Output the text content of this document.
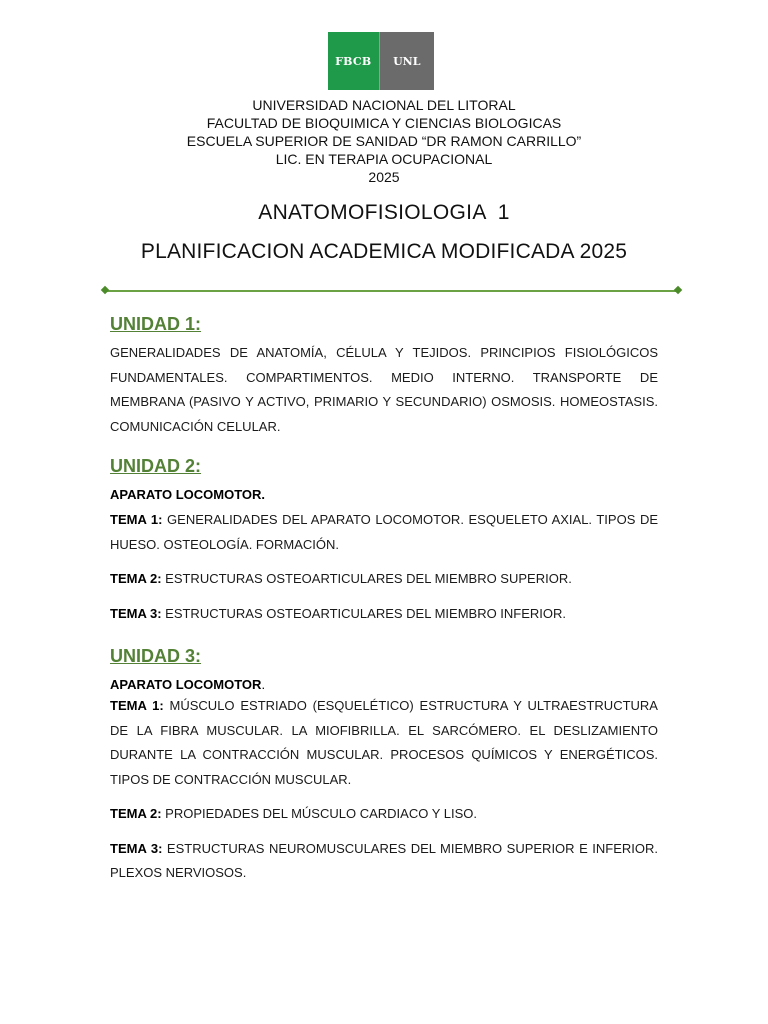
FBCB	UNL
UNIVERSIDAD NACIONAL DEL LITORAL
FACULTAD DE BIOQUIMICA Y CIENCIAS BIOLOGICAS
ESCUELA SUPERIOR DE SANIDAD “DR RAMON CARRILLO”
LIC. EN TERAPIA OCUPACIONAL
2025
ANATOMOFISIOLOGIA  1
PLANIFICACION ACADEMICA MODIFICADA 2025

UNIDAD 1:

GENERALIDADES DE ANATOMÍA, CÉLULA Y TEJIDOS. PRINCIPIOS FISIOLÓGICOS FUNDAMENTALES. COMPARTIMENTOS. MEDIO INTERNO. TRANSPORTE DE MEMBRANA (PASIVO Y ACTIVO, PRIMARIO Y SECUNDARIO) OSMOSIS. HOMEOSTASIS. COMUNICACIÓN CELULAR.

UNIDAD 2:

APARATO LOCOMOTOR.

TEMA 1: GENERALIDADES DEL APARATO LOCOMOTOR. ESQUELETO AXIAL. TIPOS DE HUESO. OSTEOLOGÍA. FORMACIÓN.

TEMA 2: ESTRUCTURAS OSTEOARTICULARES DEL MIEMBRO SUPERIOR.

TEMA 3: ESTRUCTURAS OSTEOARTICULARES DEL MIEMBRO INFERIOR.

UNIDAD 3:

APARATO LOCOMOTOR.

TEMA 1: MÚSCULO ESTRIADO (ESQUELÉTICO) ESTRUCTURA Y ULTRAESTRUCTURA DE LA FIBRA MUSCULAR. LA MIOFIBRILLA. EL SARCÓMERO. EL DESLIZAMIENTO DURANTE LA CONTRACCIÓN MUSCULAR. PROCESOS QUÍMICOS Y ENERGÉTICOS. TIPOS DE CONTRACCIÓN MUSCULAR.

TEMA 2: PROPIEDADES DEL MÚSCULO CARDIACO Y LISO.

TEMA 3: ESTRUCTURAS NEUROMUSCULARES DEL MIEMBRO SUPERIOR E INFERIOR. PLEXOS NERVIOSOS.
